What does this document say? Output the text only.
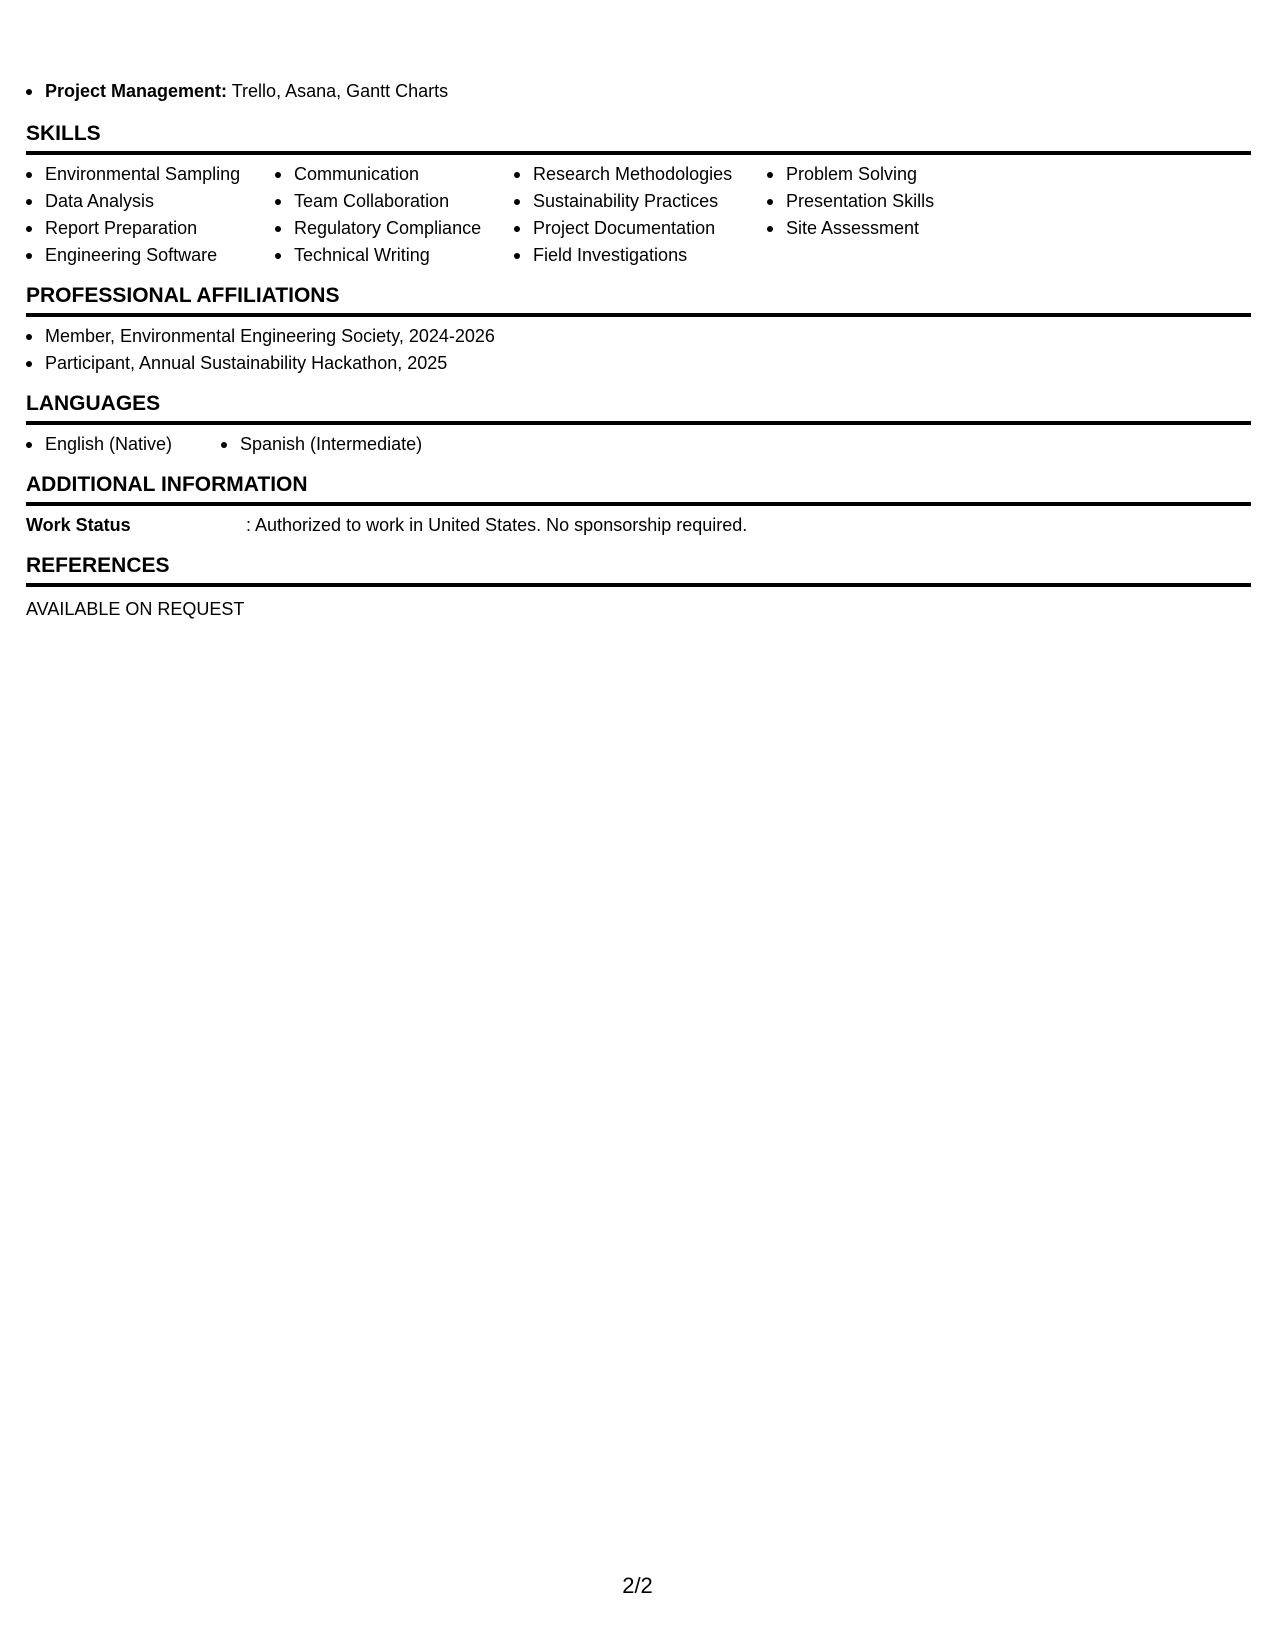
Project Management: Trello, Asana, Gantt Charts
SKILLS
Environmental Sampling
Data Analysis
Report Preparation
Engineering Software
Communication
Team Collaboration
Regulatory Compliance
Technical Writing
Research Methodologies
Sustainability Practices
Project Documentation
Field Investigations
Problem Solving
Presentation Skills
Site Assessment
PROFESSIONAL AFFILIATIONS
Member, Environmental Engineering Society, 2024-2026
Participant, Annual Sustainability Hackathon, 2025
LANGUAGES
English (Native)	Spanish (Intermediate)
ADDITIONAL INFORMATION
Work Status	: Authorized to work in United States. No sponsorship required.
REFERENCES
AVAILABLE ON REQUEST
2/2
